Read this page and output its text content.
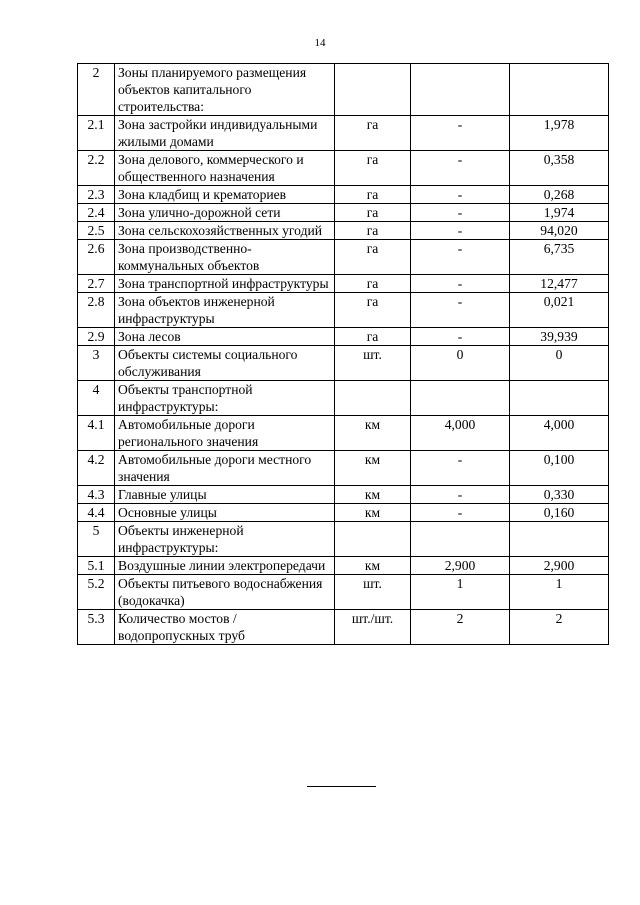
14
2	Зоны планируемого размещения объектов капитального строительства:			
2.1	Зона застройки индивидуальными жилыми домами	га	-	1,978
2.2	Зона делового, коммерческого и общественного назначения	га	-	0,358
2.3	Зона кладбищ и крематориев	га	-	0,268
2.4	Зона улично-дорожной сети	га	-	1,974
2.5	Зона сельскохозяйственных угодий	га	-	94,020
2.6	Зона производственно-коммунальных объектов	га	-	6,735
2.7	Зона транспортной инфраструктуры	га	-	12,477
2.8	Зона объектов инженерной инфраструктуры	га	-	0,021
2.9	Зона лесов	га	-	39,939
3	Объекты системы социального обслуживания	шт.	0	0
4	Объекты транспортной инфраструктуры:			
4.1	Автомобильные дороги регионального значения	км	4,000	4,000
4.2	Автомобильные дороги местного значения	км	-	0,100
4.3	Главные улицы	км	-	0,330
4.4	Основные улицы	км	-	0,160
5	Объекты инженерной инфраструктуры:			
5.1	Воздушные линии электропередачи	км	2,900	2,900
5.2	Объекты питьевого водоснабжения (водокачка)	шт.	1	1
5.3	Количество мостов / водопропускных труб	шт./шт.	2	2
